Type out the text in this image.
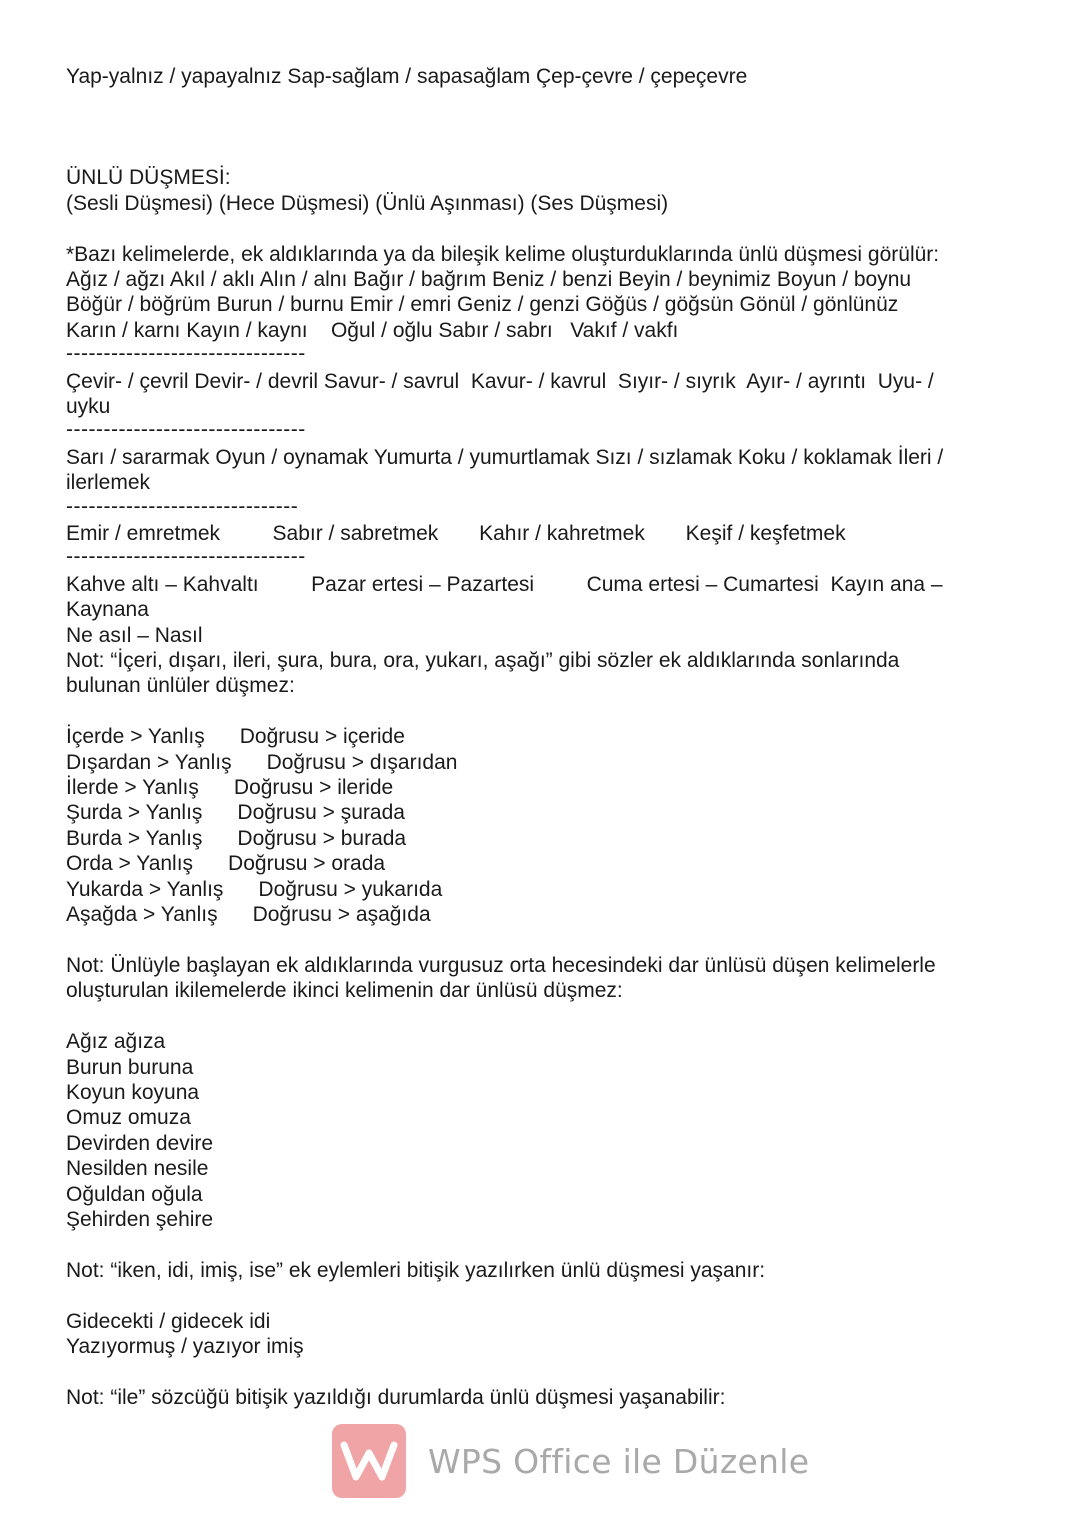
Yap-yalnız / yapayalnız Sap-sağlam / sapasağlam Çep-çevre / çepeçevre
ÜNLÜ DÜŞMESİ:
(Sesli Düşmesi) (Hece Düşmesi) (Ünlü Aşınması) (Ses Düşmesi)
*Bazı kelimelerde, ek aldıklarında ya da bileşik kelime oluşturduklarında ünlü düşmesi görülür:
Ağız / ağzı Akıl / aklı Alın / alnı Bağır / bağrım Beniz / benzi Beyin / beynimiz Boyun / boynu
Böğür / böğrüm Burun / burnu Emir / emri Geniz / genzi Göğüs / göğsün Gönül / gönlünüz
Karın / karnı Kayın / kaynı    Oğul / oğlu Sabır / sabrı   Vakıf / vakfı
--------------------------------
Çevir- / çevril Devir- / devril Savur- / savrul  Kavur- / kavrul  Sıyır- / sıyrık  Ayır- / ayrıntı  Uyu- /
uyku
--------------------------------
Sarı / sararmak Oyun / oynamak Yumurta / yumurtlamak Sızı / sızlamak Koku / koklamak İleri /
ilerlemek
-------------------------------
Emir / emretmek         Sabır / sabretmek       Kahır / kahretmek       Keşif / keşfetmek
--------------------------------
Kahve altı – Kahvaltı         Pazar ertesi – Pazartesi         Cuma ertesi – Cumartesi  Kayın ana –
Kaynana
Ne asıl – Nasıl
Not: “İçeri, dışarı, ileri, şura, bura, ora, yukarı, aşağı” gibi sözler ek aldıklarında sonlarında
bulunan ünlüler düşmez:
İçerde > Yanlış      Doğrusu > içeride
Dışardan > Yanlış      Doğrusu > dışarıdan
İlerde > Yanlış      Doğrusu > ileride
Şurda > Yanlış      Doğrusu > şurada
Burda > Yanlış      Doğrusu > burada
Orda > Yanlış      Doğrusu > orada
Yukarda > Yanlış      Doğrusu > yukarıda
Aşağda > Yanlış      Doğrusu > aşağıda
Not: Ünlüyle başlayan ek aldıklarında vurgusuz orta hecesindeki dar ünlüsü düşen kelimelerle
oluşturulan ikilemelerde ikinci kelimenin dar ünlüsü düşmez:
Ağız ağıza
Burun buruna
Koyun koyuna
Omuz omuza
Devirden devire
Nesilden nesile
Oğuldan oğula
Şehirden şehire
Not: “iken, idi, imiş, ise” ek eylemleri bitişik yazılırken ünlü düşmesi yaşanır:
Gidecekti / gidecek idi
Yazıyormuş / yazıyor imiş
Not: “ile” sözcüğü bitişik yazıldığı durumlarda ünlü düşmesi yaşanabilir:
WPS Office ile Düzenle
